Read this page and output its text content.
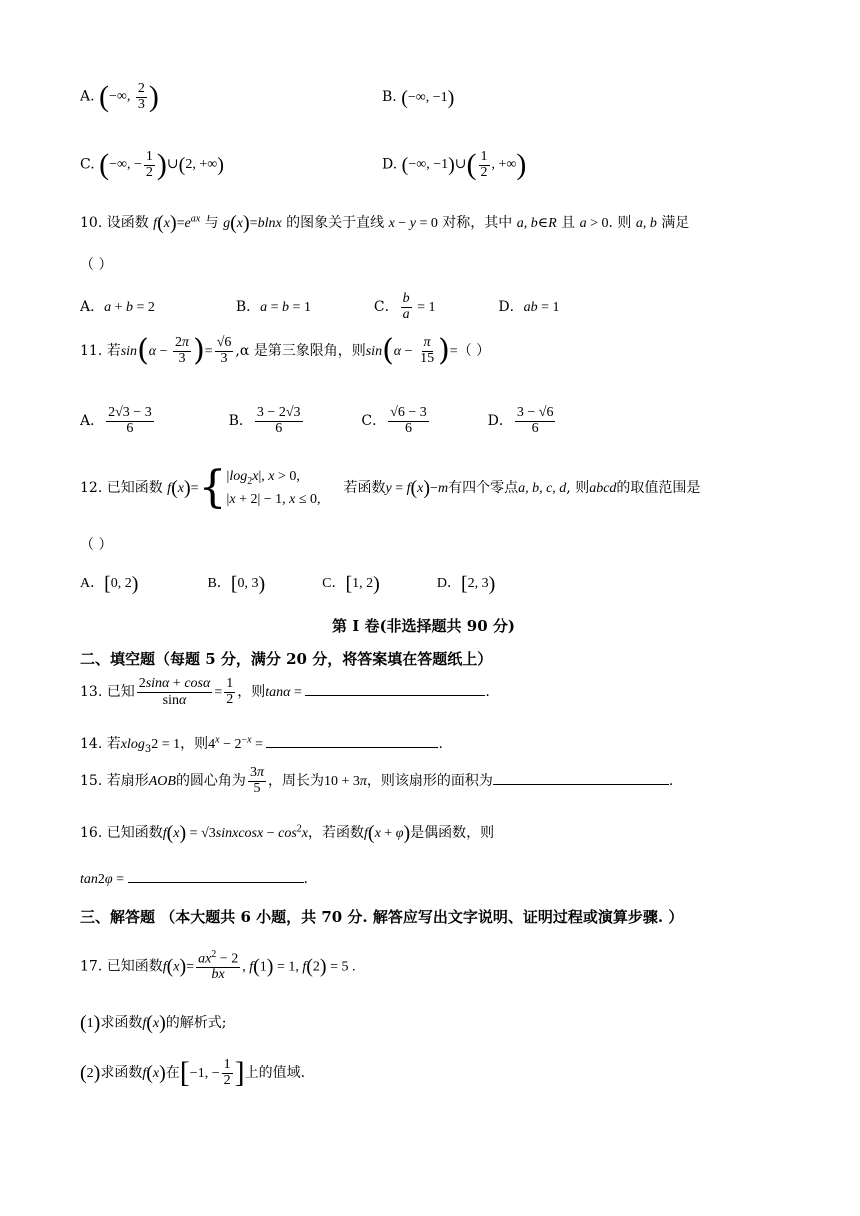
A. (−∞, $\frac{2}{3}$ )	B. (−∞, −1)
C. (−∞, − $\frac{1}{2}$ )∪(2, +∞)	D. (−∞, −1)∪( $\frac{1}{2}$ , +∞)
10. 设函数 $f(x)=e^{ax}$ 与 g(x)=blnx 的图象关于直线 x − y = 0 对称，其中 a, b∈R 且 a > 0. 则 a, b 满足
（ ）
A．a + b = 2	B．a = b = 1	C． $\frac{b}{a} = 1$	D．ab = 1
11. 若$\sin(\alpha - \frac{2\pi}{3}$ )= $\frac{√6}{3} ,\alpha$ 是第三象限角，则$\sin(\alpha - \frac{\pi}{15}$ )=（ ）
A． $\frac{2√3 - 3}{6}$	B． $\frac{3 - 2√3}{6}$	C． $\frac{√6 - 3}{6}$	D． $\frac{3 - √6}{6}$
12. 已知函数 f(x)={ $|\log_2x|$, x > 0,
|x + 2| − 1, x ≤ 0,
若函数y = f(x)−m有四个零点a, b, c, d, 则abcd的取值范围是
（ ）
A．[0, 2)	B．[0, 3)	C．[1, 2)	D．[2, 3)
第 I 卷(非选择题共 90 分)
二、填空题（每题 5 分，满分 20 分，将答案填在答题纸上）
13. 已知 $\frac{2\sin\alpha + \cos\alpha}{\sin\alpha} = \frac{1}{2}$ ，则tanα =	.
14. 若xlog$_3$2 = 1，则$4^x - 2^{-x}$ =	.
15. 若扇形AOB的圆心角为 $\frac{3\pi}{5}$ ，周长为10 + 3π，则该扇形的面积为	.
16. 已知函数f(x) = √3sinxcosx − $\cos^2x$，若函数f(x + φ)是偶函数，则
tan2φ =	.
三、解答题 （本大题共 6 小题，共 70 分. 解答应写出文字说明、证明过程或演算步骤. ）
17. 已知函数$f(x)= \frac{ax^2 - 2}{bx}$ , f(1) = 1, f(2) = 5 .
(1)求函数f(x)的解析式;
(2)求函数f(x)在[−1, − $\frac{1}{2}$ ]上的值域.
